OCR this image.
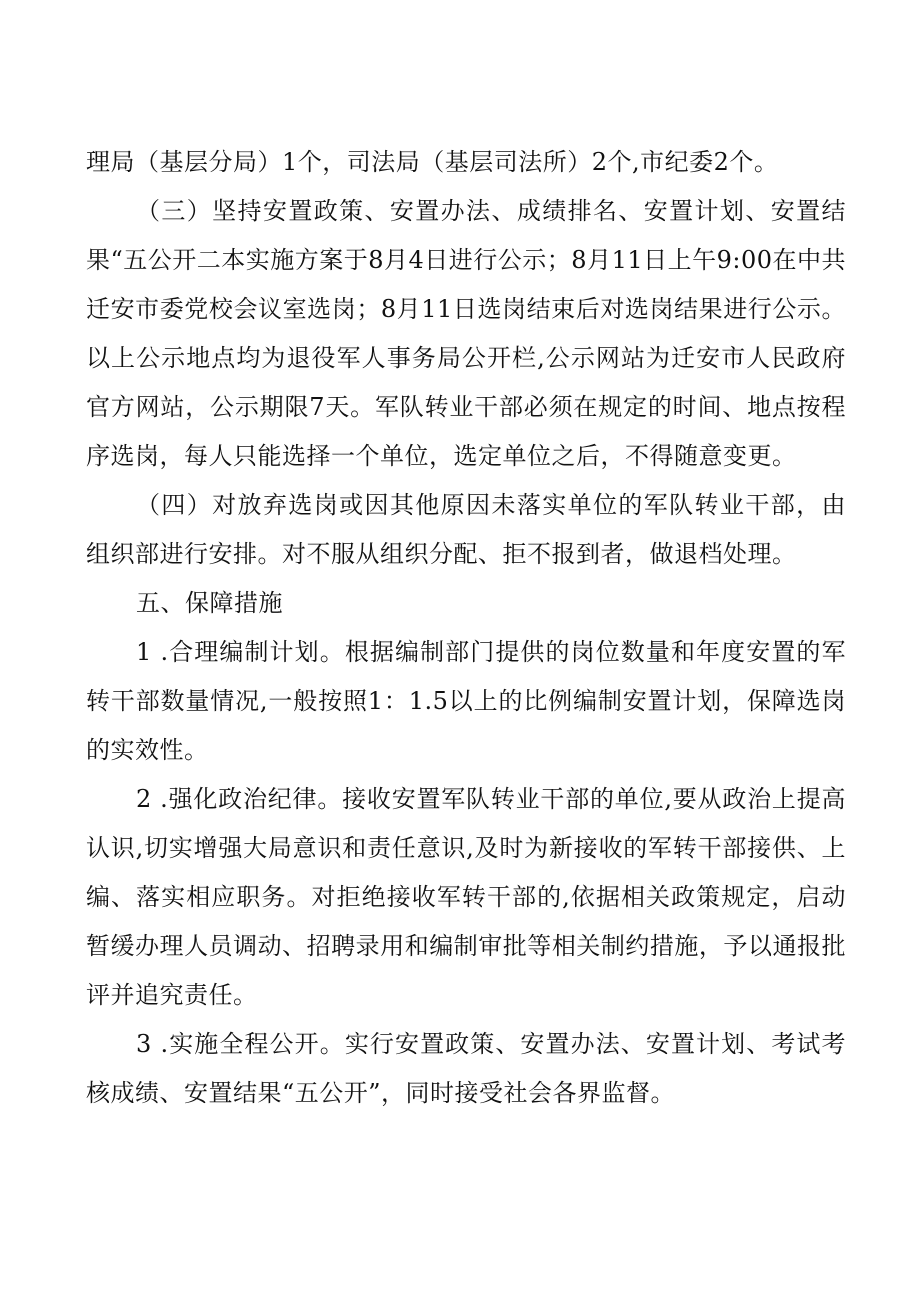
理局（基层分局）1个，司法局（基层司法所）2个,市纪委2个。

（三）坚持安置政策、安置办法、成绩排名、安置计划、安置结果“五公开二本实施方案于8月4日进行公示；8月11日上午9:00在中共迁安市委党校会议室选岗；8月11日选岗结束后对选岗结果进行公示。以上公示地点均为退役军人事务局公开栏,公示网站为迁安市人民政府官方网站，公示期限7天。军队转业干部必须在规定的时间、地点按程序选岗，每人只能选择一个单位，选定单位之后，不得随意变更。

（四）对放弃选岗或因其他原因未落实单位的军队转业干部，由组织部进行安排。对不服从组织分配、拒不报到者，做退档处理。

五、保障措施

1 .合理编制计划。根据编制部门提供的岗位数量和年度安置的军转干部数量情况,一般按照1：1.5以上的比例编制安置计划，保障选岗的实效性。

2 .强化政治纪律。接收安置军队转业干部的单位,要从政治上提高认识,切实增强大局意识和责任意识,及时为新接收的军转干部接供、上编、落实相应职务。对拒绝接收军转干部的,依据相关政策规定，启动暂缓办理人员调动、招聘录用和编制审批等相关制约措施，予以通报批评并追究责任。

3 .实施全程公开。实行安置政策、安置办法、安置计划、考试考核成绩、安置结果“五公开”，同时接受社会各界监督。
